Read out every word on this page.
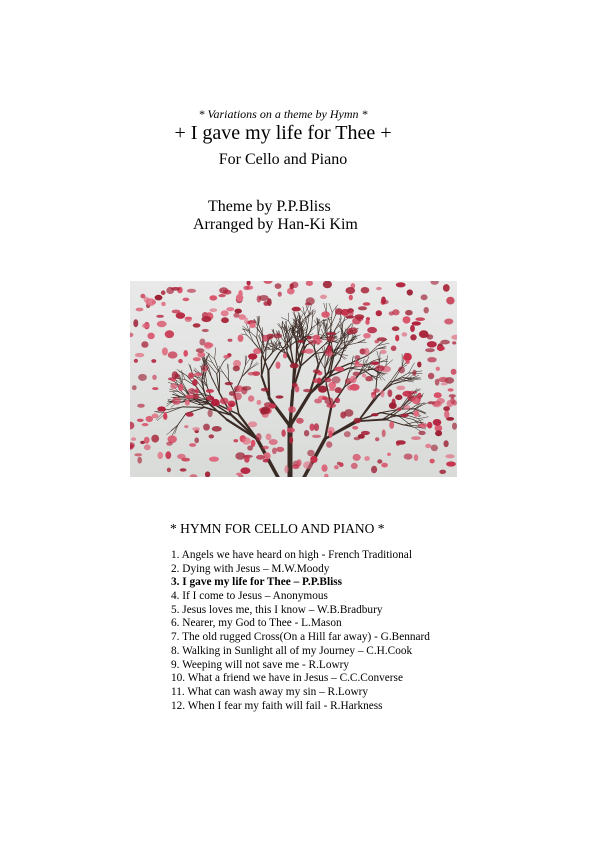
* Variations on a theme by Hymn *
+ I gave my life for Thee +
For Cello and Piano
Theme by P.P.Bliss
Arranged by Han-Ki Kim
* HYMN FOR CELLO AND PIANO *
1. Angels we have heard on high - French Traditional
2. Dying with Jesus – M.W.Moody
3. I gave my life for Thee – P.P.Bliss
4. If I come to Jesus – Anonymous
5. Jesus loves me, this I know – W.B.Bradbury
6. Nearer, my God to Thee - L.Mason
7. The old rugged Cross(On a Hill far away) - G.Bennard
8. Walking in Sunlight all of my Journey – C.H.Cook
9. Weeping will not save me - R.Lowry
10. What a friend we have in Jesus – C.C.Converse
11. What can wash away my sin – R.Lowry
12. When I fear my faith will fail - R.Harkness
